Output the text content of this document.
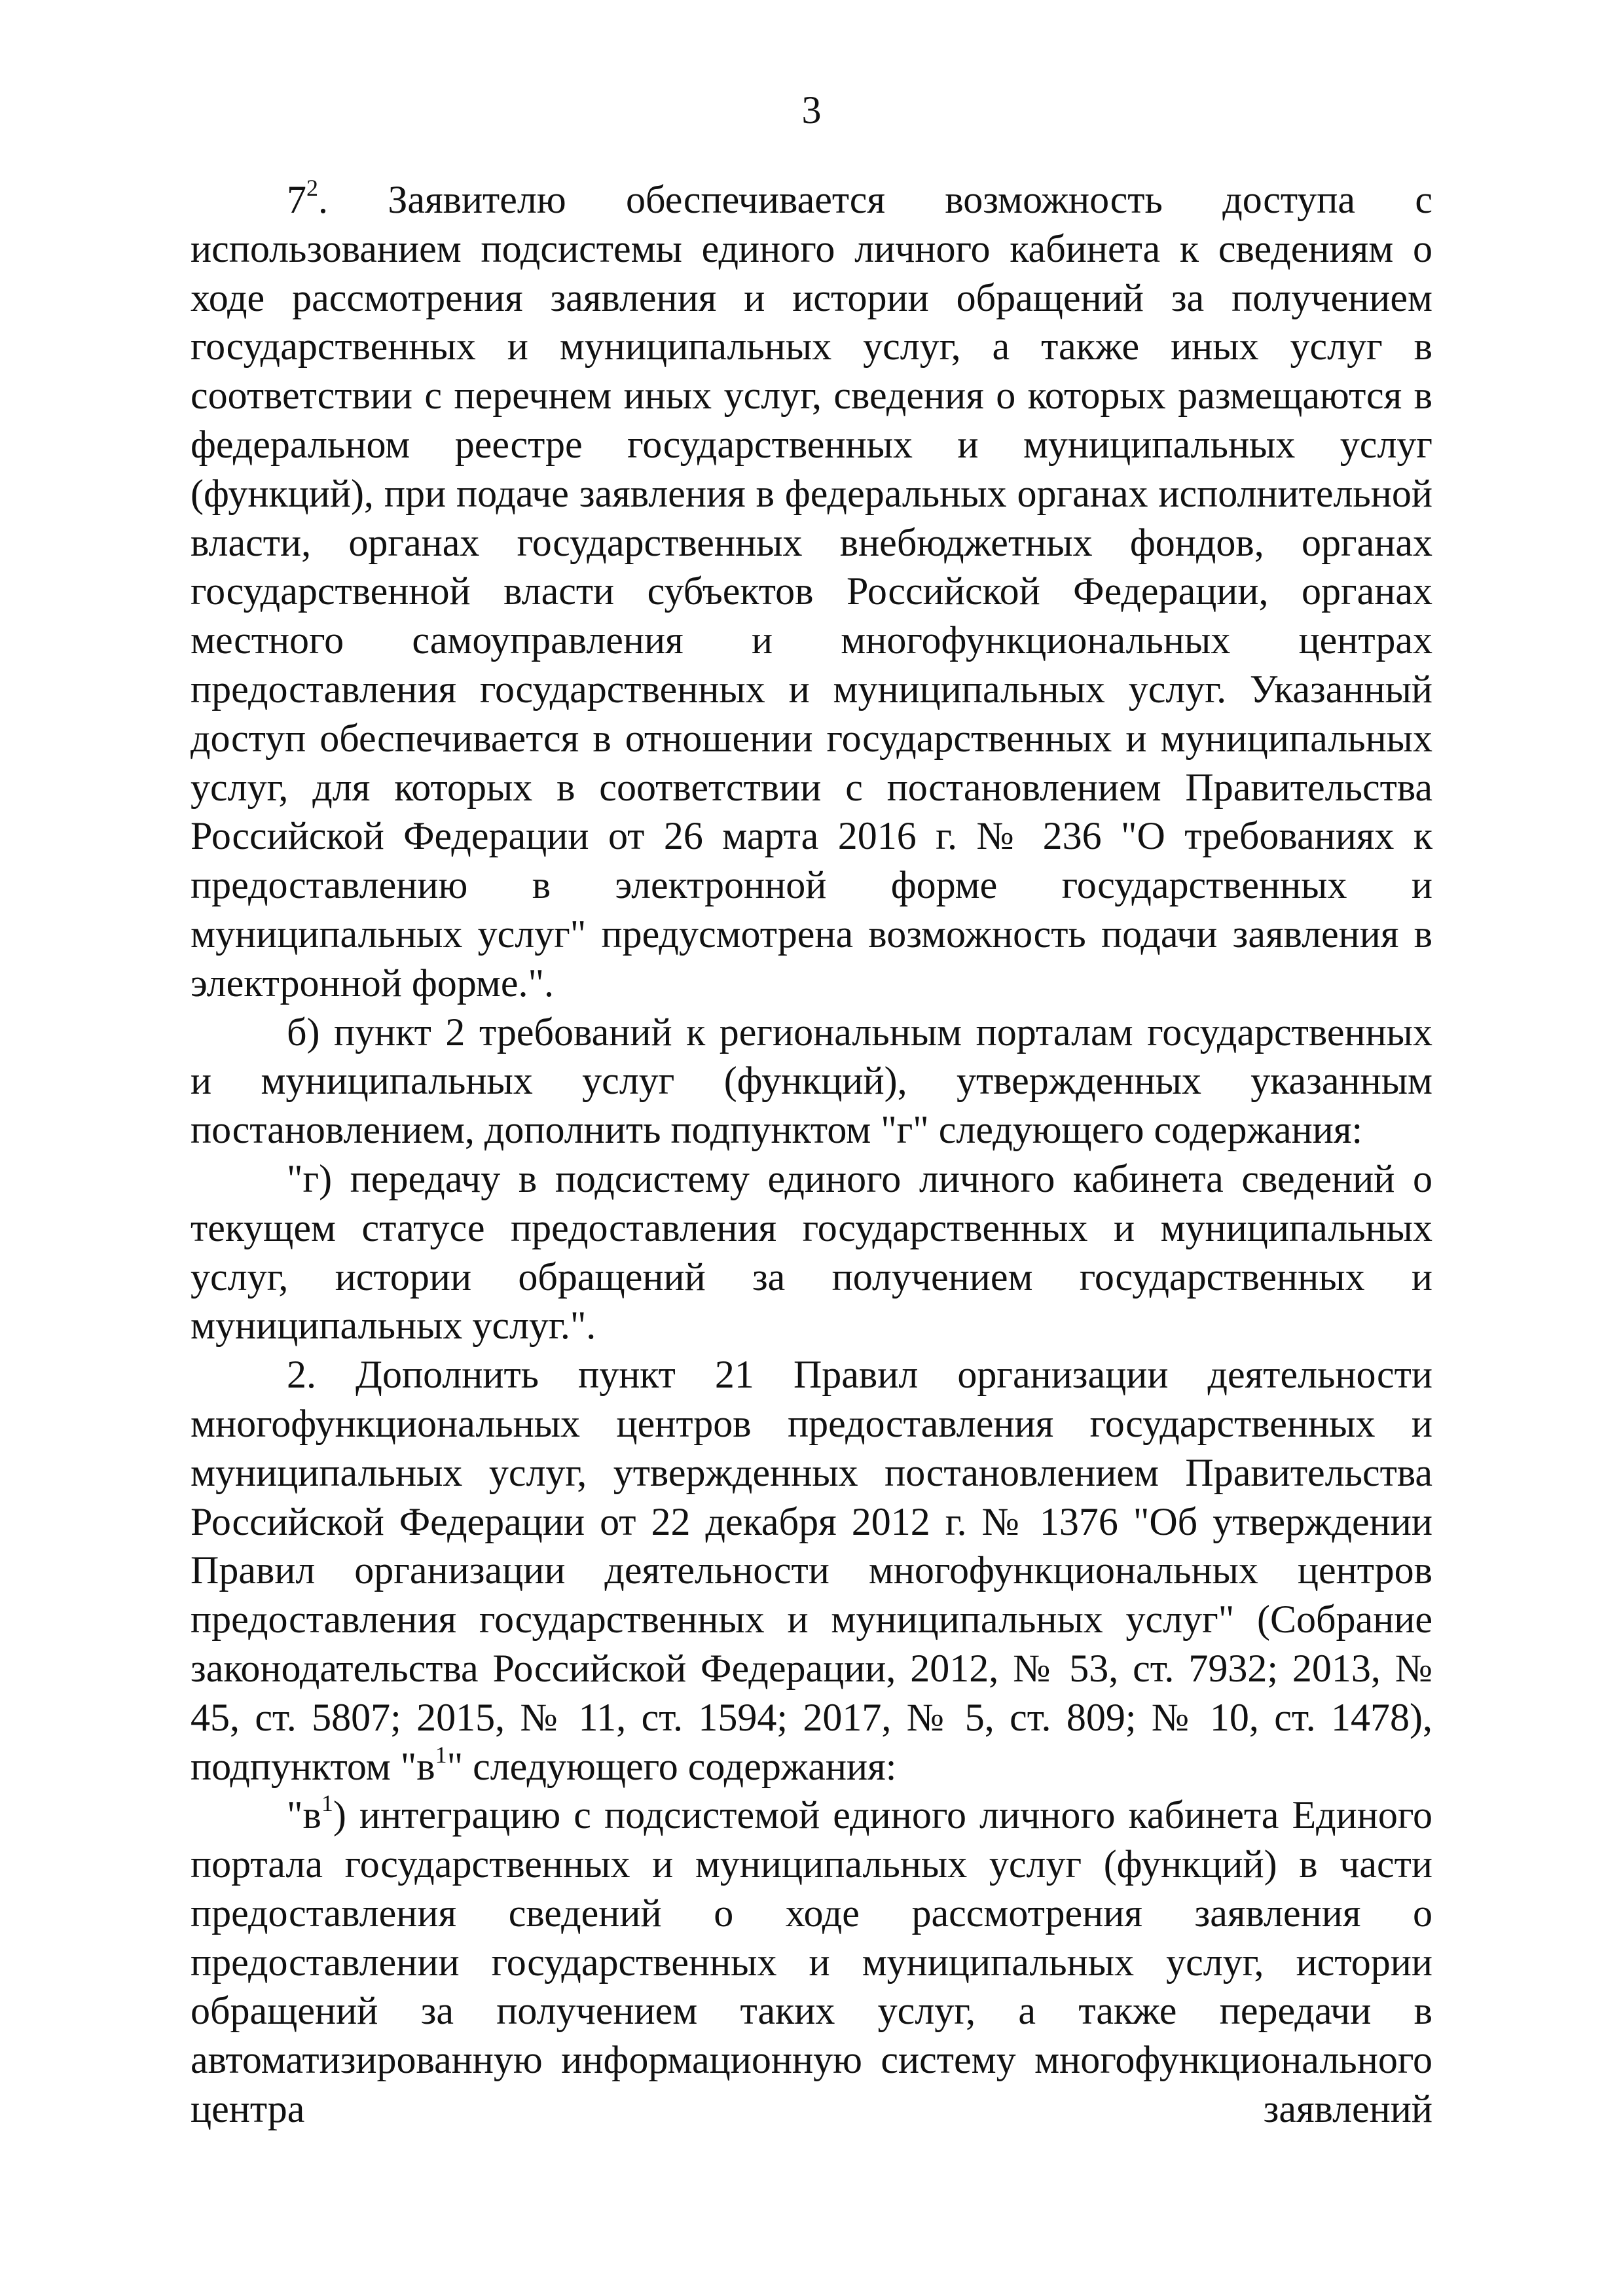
3

$7^2$. Заявителю обеспечивается возможность доступа с использованием подсистемы единого личного кабинета к сведениям о ходе рассмотрения заявления и истории обращений за получением государственных и муниципальных услуг, а также иных услуг в соответствии с перечнем иных услуг, сведения о которых размещаются в федеральном реестре государственных и муниципальных услуг (функций), при подаче заявления в федеральных органах исполнительной власти, органах государственных внебюджетных фондов, органах государственной власти субъектов Российской Федерации, органах местного самоуправления и многофункциональных центрах предоставления государственных и муниципальных услуг. Указанный доступ обеспечивается в отношении государственных и муниципальных услуг, для которых в соответствии с постановлением Правительства Российской Федерации от 26 марта 2016 г. № 236 "О требованиях к предоставлению в электронной форме государственных и муниципальных услуг" предусмотрена возможность подачи заявления в электронной форме.".

б) пункт 2 требований к региональным порталам государственных и муниципальных услуг (функций), утвержденных указанным постановлением, дополнить подпунктом "г" следующего содержания:

"г) передачу в подсистему единого личного кабинета сведений о текущем статусе предоставления государственных и муниципальных услуг, истории обращений за получением государственных и муниципальных услуг.".

2. Дополнить пункт 21 Правил организации деятельности многофункциональных центров предоставления государственных и муниципальных услуг, утвержденных постановлением Правительства Российской Федерации от 22 декабря 2012 г. № 1376 "Об утверждении Правил организации деятельности многофункциональных центров предоставления государственных и муниципальных услуг" (Собрание законодательства Российской Федерации, 2012, № 53, ст. 7932; 2013, № 45, ст. 5807; 2015, № 11, ст. 1594; 2017, № 5, ст. 809; № 10, ст. 1478), подпунктом "$в^1$" следующего содержания:

"$в^1$) интеграцию с подсистемой единого личного кабинета Единого портала государственных и муниципальных услуг (функций) в части предоставления сведений о ходе рассмотрения заявления о предоставлении государственных и муниципальных услуг, истории обращений за получением таких услуг, а также передачи в автоматизированную информационную систему многофункционального центра заявлений
